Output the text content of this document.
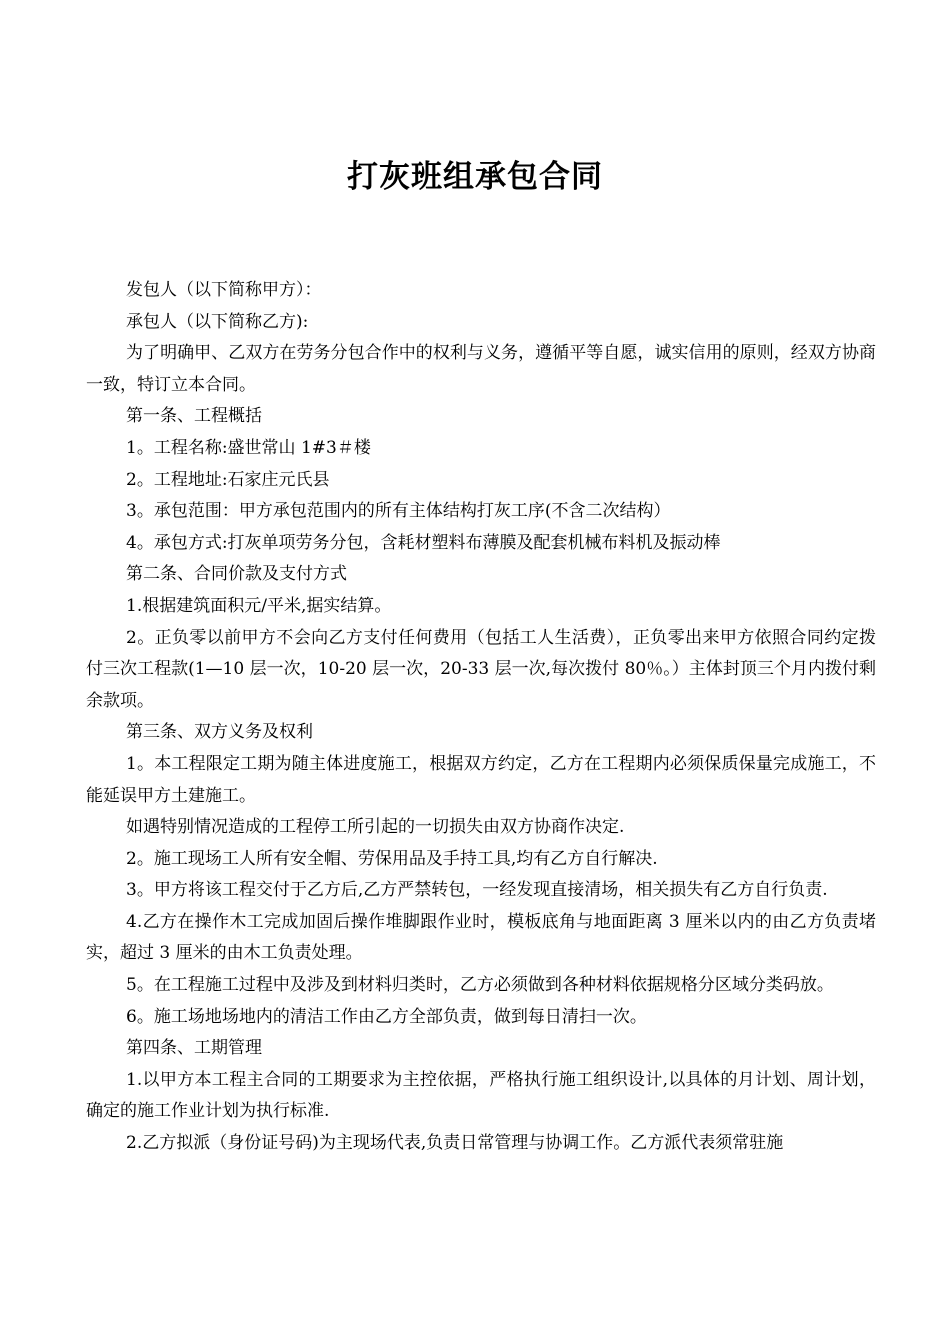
打灰班组承包合同

发包人（以下简称甲方）：

承包人（以下简称乙方):

为了明确甲、乙双方在劳务分包合作中的权利与义务，遵循平等自愿，诚实信用的原则，经双方协商一致，特订立本合同。

第一条、工程概括

1。工程名称:盛世常山 1#3＃楼

2。工程地址:石家庄元氏县

3。承包范围：甲方承包范围内的所有主体结构打灰工序(不含二次结构）

4。承包方式:打灰单项劳务分包，含耗材塑料布薄膜及配套机械布料机及振动棒

第二条、合同价款及支付方式

1.根据建筑面积元/平米,据实结算。

2。正负零以前甲方不会向乙方支付任何费用（包括工人生活费），正负零出来甲方依照合同约定拨付三次工程款(1—10 层一次，10-20 层一次，20-33 层一次,每次拨付 80％。）主体封顶三个月内拨付剩余款项。

第三条、双方义务及权利

1。本工程限定工期为随主体进度施工，根据双方约定，乙方在工程期内必须保质保量完成施工，不能延误甲方土建施工。

如遇特别情况造成的工程停工所引起的一切损失由双方协商作决定.

2。施工现场工人所有安全帽、劳保用品及手持工具,均有乙方自行解决.

3。甲方将该工程交付于乙方后,乙方严禁转包，一经发现直接清场，相关损失有乙方自行负责.

4.乙方在操作木工完成加固后操作堆脚跟作业时，模板底角与地面距离 3 厘米以内的由乙方负责堵实，超过 3 厘米的由木工负责处理。

5。在工程施工过程中及涉及到材料归类时，乙方必须做到各种材料依据规格分区域分类码放。

6。施工场地场地内的清洁工作由乙方全部负责，做到每日清扫一次。

第四条、工期管理

1.以甲方本工程主合同的工期要求为主控依据，严格执行施工组织设计,以具体的月计划、周计划，确定的施工作业计划为执行标准.

2.乙方拟派（身份证号码)为主现场代表,负责日常管理与协调工作。乙方派代表须常驻施
